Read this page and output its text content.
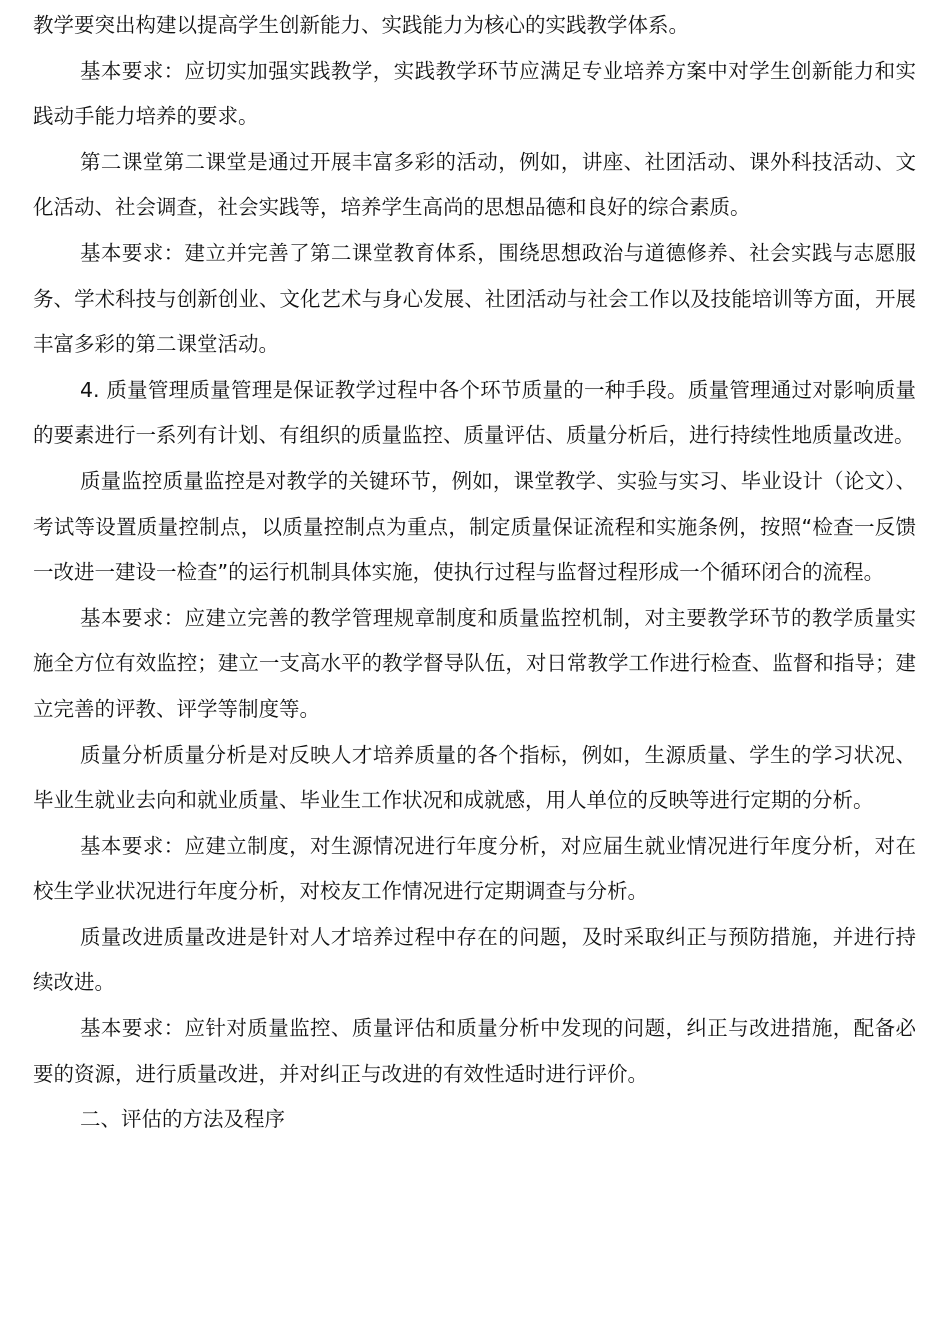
教学要突出构建以提高学生创新能力、实践能力为核心的实践教学体系。

基本要求：应切实加强实践教学，实践教学环节应满足专业培养方案中对学生创新能力和实践动手能力培养的要求。

第二课堂第二课堂是通过开展丰富多彩的活动，例如，讲座、社团活动、课外科技活动、文化活动、社会调查，社会实践等，培养学生高尚的思想品德和良好的综合素质。

基本要求：建立并完善了第二课堂教育体系，围绕思想政治与道德修养、社会实践与志愿服务、学术科技与创新创业、文化艺术与身心发展、社团活动与社会工作以及技能培训等方面，开展丰富多彩的第二课堂活动。

4. 质量管理质量管理是保证教学过程中各个环节质量的一种手段。质量管理通过对影响质量的要素进行一系列有计划、有组织的质量监控、质量评估、质量分析后，进行持续性地质量改进。

质量监控质量监控是对教学的关键环节，例如，课堂教学、实验与实习、毕业设计（论文）、考试等设置质量控制点，以质量控制点为重点，制定质量保证流程和实施条例，按照“检查一反馈一改进一建设一检查”的运行机制具体实施，使执行过程与监督过程形成一个循环闭合的流程。

基本要求：应建立完善的教学管理规章制度和质量监控机制，对主要教学环节的教学质量实施全方位有效监控；建立一支高水平的教学督导队伍，对日常教学工作进行检查、监督和指导；建立完善的评教、评学等制度等。

质量分析质量分析是对反映人才培养质量的各个指标，例如，生源质量、学生的学习状况、毕业生就业去向和就业质量、毕业生工作状况和成就感，用人单位的反映等进行定期的分析。

基本要求：应建立制度，对生源情况进行年度分析，对应届生就业情况进行年度分析，对在校生学业状况进行年度分析，对校友工作情况进行定期调查与分析。

质量改进质量改进是针对人才培养过程中存在的问题，及时采取纠正与预防措施，并进行持续改进。

基本要求：应针对质量监控、质量评估和质量分析中发现的问题，纠正与改进措施，配备必要的资源，进行质量改进，并对纠正与改进的有效性适时进行评价。

二、评估的方法及程序
